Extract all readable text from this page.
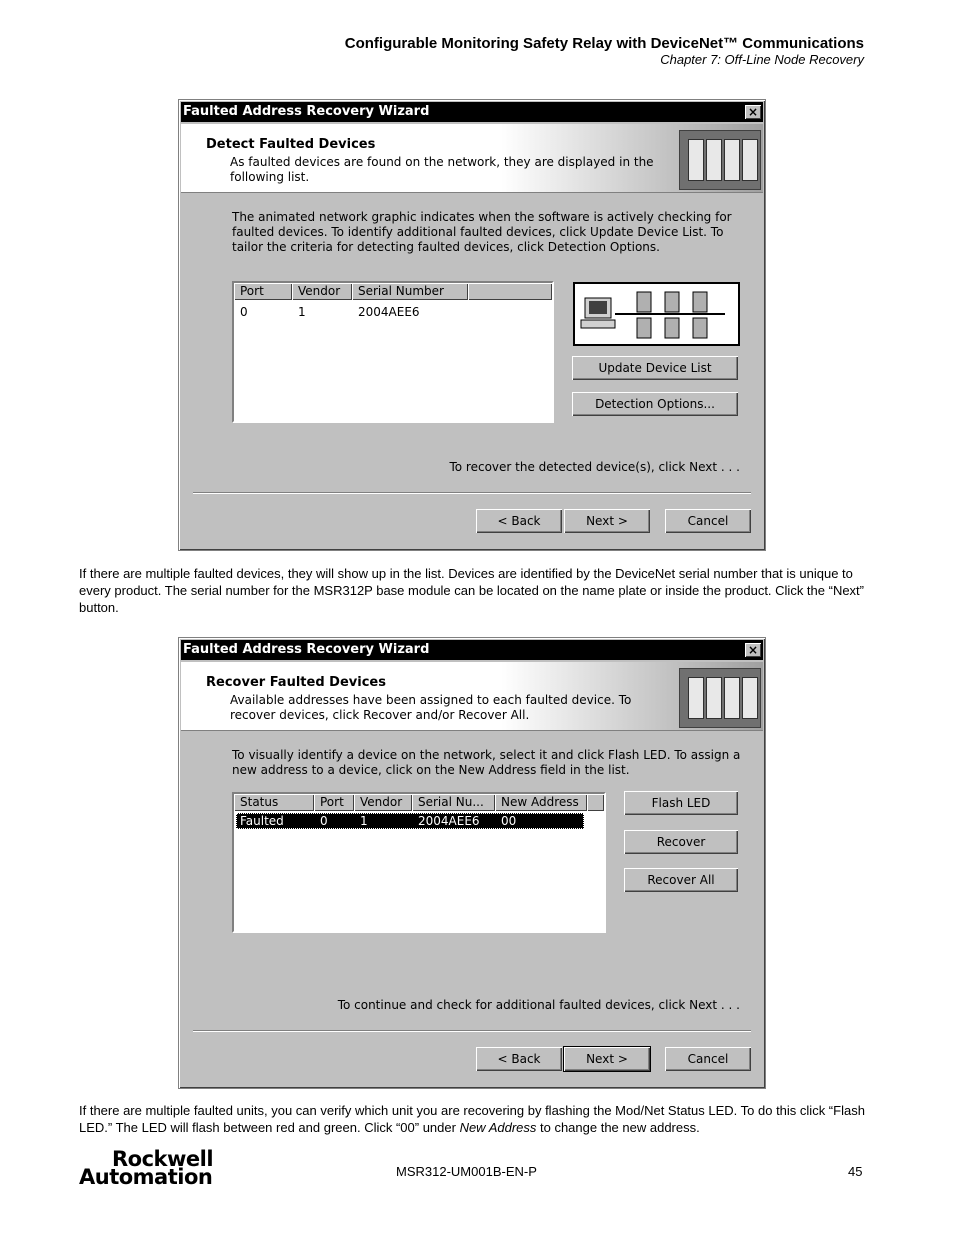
Configurable Monitoring Safety Relay with DeviceNet™ Communications
Chapter 7: Off-Line Node Recovery
Faulted Address Recovery Wizard	×
Detect Faulted Devices
As faulted devices are found on the network, they are displayed in the following list.
The animated network graphic indicates when the software is actively checking for faulted devices. To identify additional faulted devices, click Update Device List. To tailor the criteria for detecting faulted devices, click Detection Options.
Port	Vendor	Serial Number
0	1	2004AEE6
Update Device List
Detection Options...
To recover the detected device(s), click Next . . .
< Back	Next >	Cancel
If there are multiple faulted devices, they will show up in the list. Devices are identified by the DeviceNet serial number that is unique to every product. The serial number for the MSR312P base module can be located on the name plate or inside the product. Click the “Next” button.
Faulted Address Recovery Wizard	×
Recover Faulted Devices
Available addresses have been assigned to each faulted device. To recover devices, click Recover and/or Recover All.
To visually identify a device on the network, select it and click Flash LED. To assign a new address to a device, click on the New Address field in the list.
Status	Port	Vendor	Serial Nu...	New Address
Faulted	0	1	2004AEE6	00
Flash LED
Recover
Recover All
To continue and check for additional faulted devices, click Next . . .
< Back	Next >	Cancel
If there are multiple faulted units, you can verify which unit you are recovering by flashing the Mod/Net Status LED. To do this click “Flash LED.” The LED will flash between red and green. Click “00” under New Address to change the new address.
Rockwell
Automation	MSR312-UM001B-EN-P	45
